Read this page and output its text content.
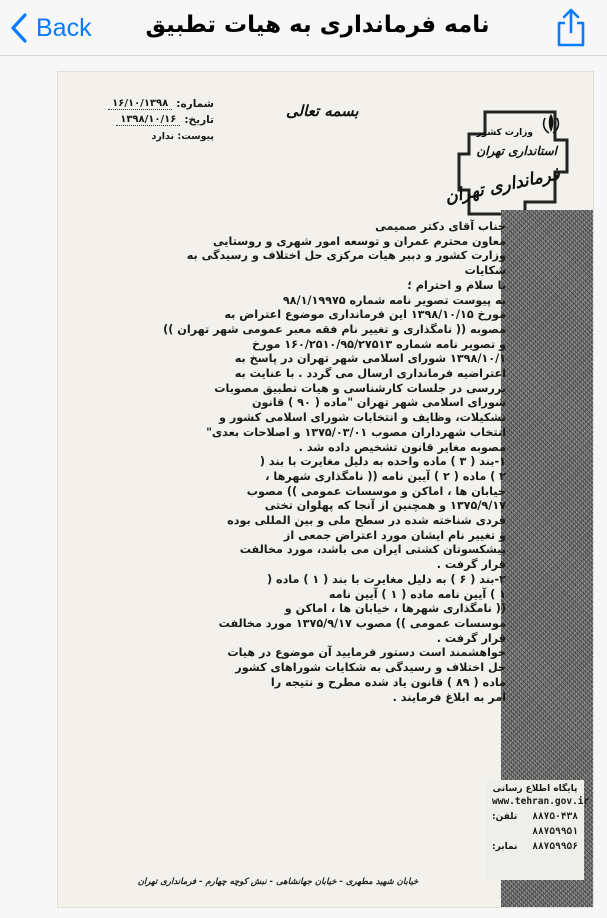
Back	نامه فرمانداری به هیات تطبیق
شماره:
۱۶/۱۰/۱۳۹۸
تاریخ:
۱۳۹۸/۱۰/۱۶
پیوست: ندارد
بسمه تعالی
وزارت کشور
استانداری تهران
فرمانداری تهران
پایگاه اطلاع رسانی
www.tehran.gov.ir
۸۸۷۵۰۴۳۸
تلفن:
۸۸۷۵۹۹۵۱
۸۸۷۵۹۹۵۶
نمابر:

جناب آقای دکتر صمیمی

معاون محترم عمران و توسعه امور شهری و روستایی

وزارت کشور و دبیر هیات مرکزی حل اختلاف و رسیدگی به

شکایات

با سلام و احترام ؛

به پیوست تصویر نامه شماره ۹۸/۱/۱۹۹۷۵

مورخ ۱۳۹۸/۱۰/۱۵ این فرمانداری موضوع اعتراض به

مصوبه (( نامگذاری و تغییر نام فقه معبر عمومی شهر تهران ))

و تصویر نامه شماره ۱۶۰/۲۵۱۰/۹۵/۲۷۵۱۳ مورخ

۱۳۹۸/۱۰/۱ شورای اسلامی شهر تهران در پاسخ به

اعتراضیه فرمانداری ارسال می گردد . با عنایت به

بررسی در جلسات کارشناسی و هیات تطبیق مصوبات

شورای اسلامی شهر تهران "ماده ( ۹۰ ) قانون

تشکیلات، وظایف و انتخابات شورای اسلامی کشور و

انتخاب شهرداران مصوب ۱۳۷۵/۰۳/۰۱ و اصلاحات بعدی"

مصوبه مغایر قانون تشخیص داده شد .

۱-بند ( ۳ ) ماده واحده به دلیل مغایرت با بند (

۲ ) ماده ( ۲ ) آیین نامه (( نامگذاری شهرها ،

خیابان ها ، اماکن و موسسات عمومی )) مصوب

۱۳۷۵/۹/۱۷ و همچنین از آنجا که پهلوان تختی

فردی شناخته شده در سطح ملی و بین المللی بوده

و تغییر نام ایشان مورد اعتراض جمعی از

پیشکسوتان کشتی ایران می باشد، مورد مخالفت

قرار گرفت .

۲-بند ( ۶ ) به دلیل مغایرت با بند ( ۱ ) ماده (

۱ ) آیین نامه ماده ( ۱ ) آیین نامه

(( نامگذاری شهرها ، خیابان ها ، اماکن و

موسسات عمومی )) مصوب ۱۳۷۵/۹/۱۷ مورد مخالفت

قرار گرفت .

خواهشمند است دستور فرمایید آن موضوع در هیات

حل اختلاف و رسیدگی به شکایات شوراهای کشور

ماده ( ۸۹ ) قانون یاد شده مطرح و نتیجه را

امر به ابلاغ فرمایند .

خیابان شهید مطهری - خیابان جهانشاهی - نبش کوچه چهارم - فرمانداری تهران
